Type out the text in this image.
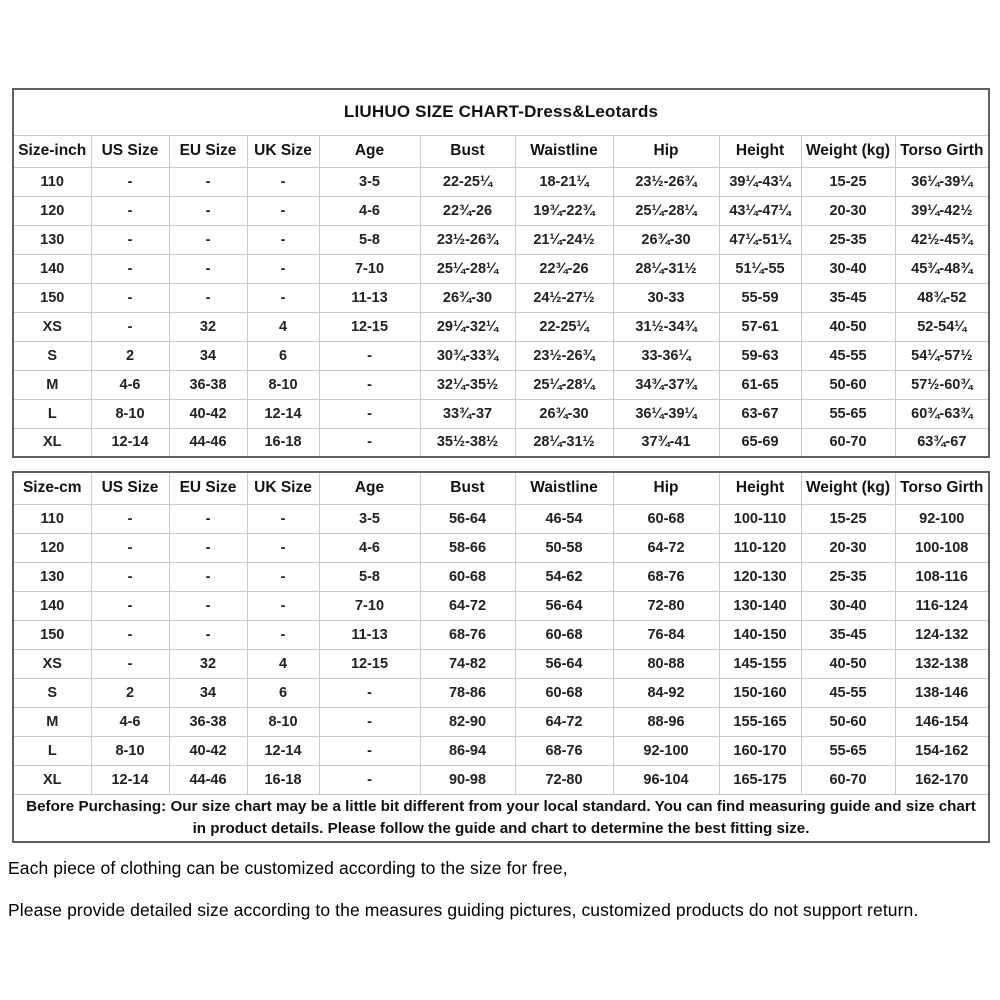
LIUHUO SIZE CHART-Dress&Leotards										
Size-inch	US Size	EU Size	UK Size	Age	Bust	Waistline	Hip	Height	Weight (kg)	Torso Girth
110	-	-	-	3-5	22-25¼	18-21¼	23½-26¾	39¼-43¼	15-25	36¼-39¼
120	-	-	-	4-6	22¾-26	19¾-22¾	25¼-28¼	43¼-47¼	20-30	39¼-42½
130	-	-	-	5-8	23½-26¾	21¼-24½	26¾-30	47¼-51¼	25-35	42½-45¾
140	-	-	-	7-10	25¼-28¼	22¾-26	28¼-31½	51¼-55	30-40	45¾-48¾
150	-	-	-	11-13	26¾-30	24½-27½	30-33	55-59	35-45	48¾-52
XS	-	32	4	12-15	29¼-32¼	22-25¼	31½-34¾	57-61	40-50	52-54¼
S	2	34	6	-	30¾-33¾	23½-26¾	33-36¼	59-63	45-55	54¼-57½
M	4-6	36-38	8-10	-	32¼-35½	25¼-28¼	34¾-37¾	61-65	50-60	57½-60¾
L	8-10	40-42	12-14	-	33¾-37	26¾-30	36¼-39¼	63-67	55-65	60¾-63¾
XL	12-14	44-46	16-18	-	35½-38½	28¼-31½	37¾-41	65-69	60-70	63¾-67
Size-cm	US Size	EU Size	UK Size	Age	Bust	Waistline	Hip	Height	Weight (kg)	Torso Girth
110	-	-	-	3-5	56-64	46-54	60-68	100-110	15-25	92-100
120	-	-	-	4-6	58-66	50-58	64-72	110-120	20-30	100-108
130	-	-	-	5-8	60-68	54-62	68-76	120-130	25-35	108-116
140	-	-	-	7-10	64-72	56-64	72-80	130-140	30-40	116-124
150	-	-	-	11-13	68-76	60-68	76-84	140-150	35-45	124-132
XS	-	32	4	12-15	74-82	56-64	80-88	145-155	40-50	132-138
S	2	34	6	-	78-86	60-68	84-92	150-160	45-55	138-146
M	4-6	36-38	8-10	-	82-90	64-72	88-96	155-165	50-60	146-154
L	8-10	40-42	12-14	-	86-94	68-76	92-100	160-170	55-65	154-162
XL	12-14	44-46	16-18	-	90-98	72-80	96-104	165-175	60-70	162-170
Before Purchasing: Our size chart may be a little bit different from your local standard. You can find measuring guide and size chart in product details. Please follow the guide and chart to determine the best fitting size.										

Each piece of clothing can be customized according to the size for free,

Please provide detailed size according to the measures guiding pictures, customized products do not support return.
